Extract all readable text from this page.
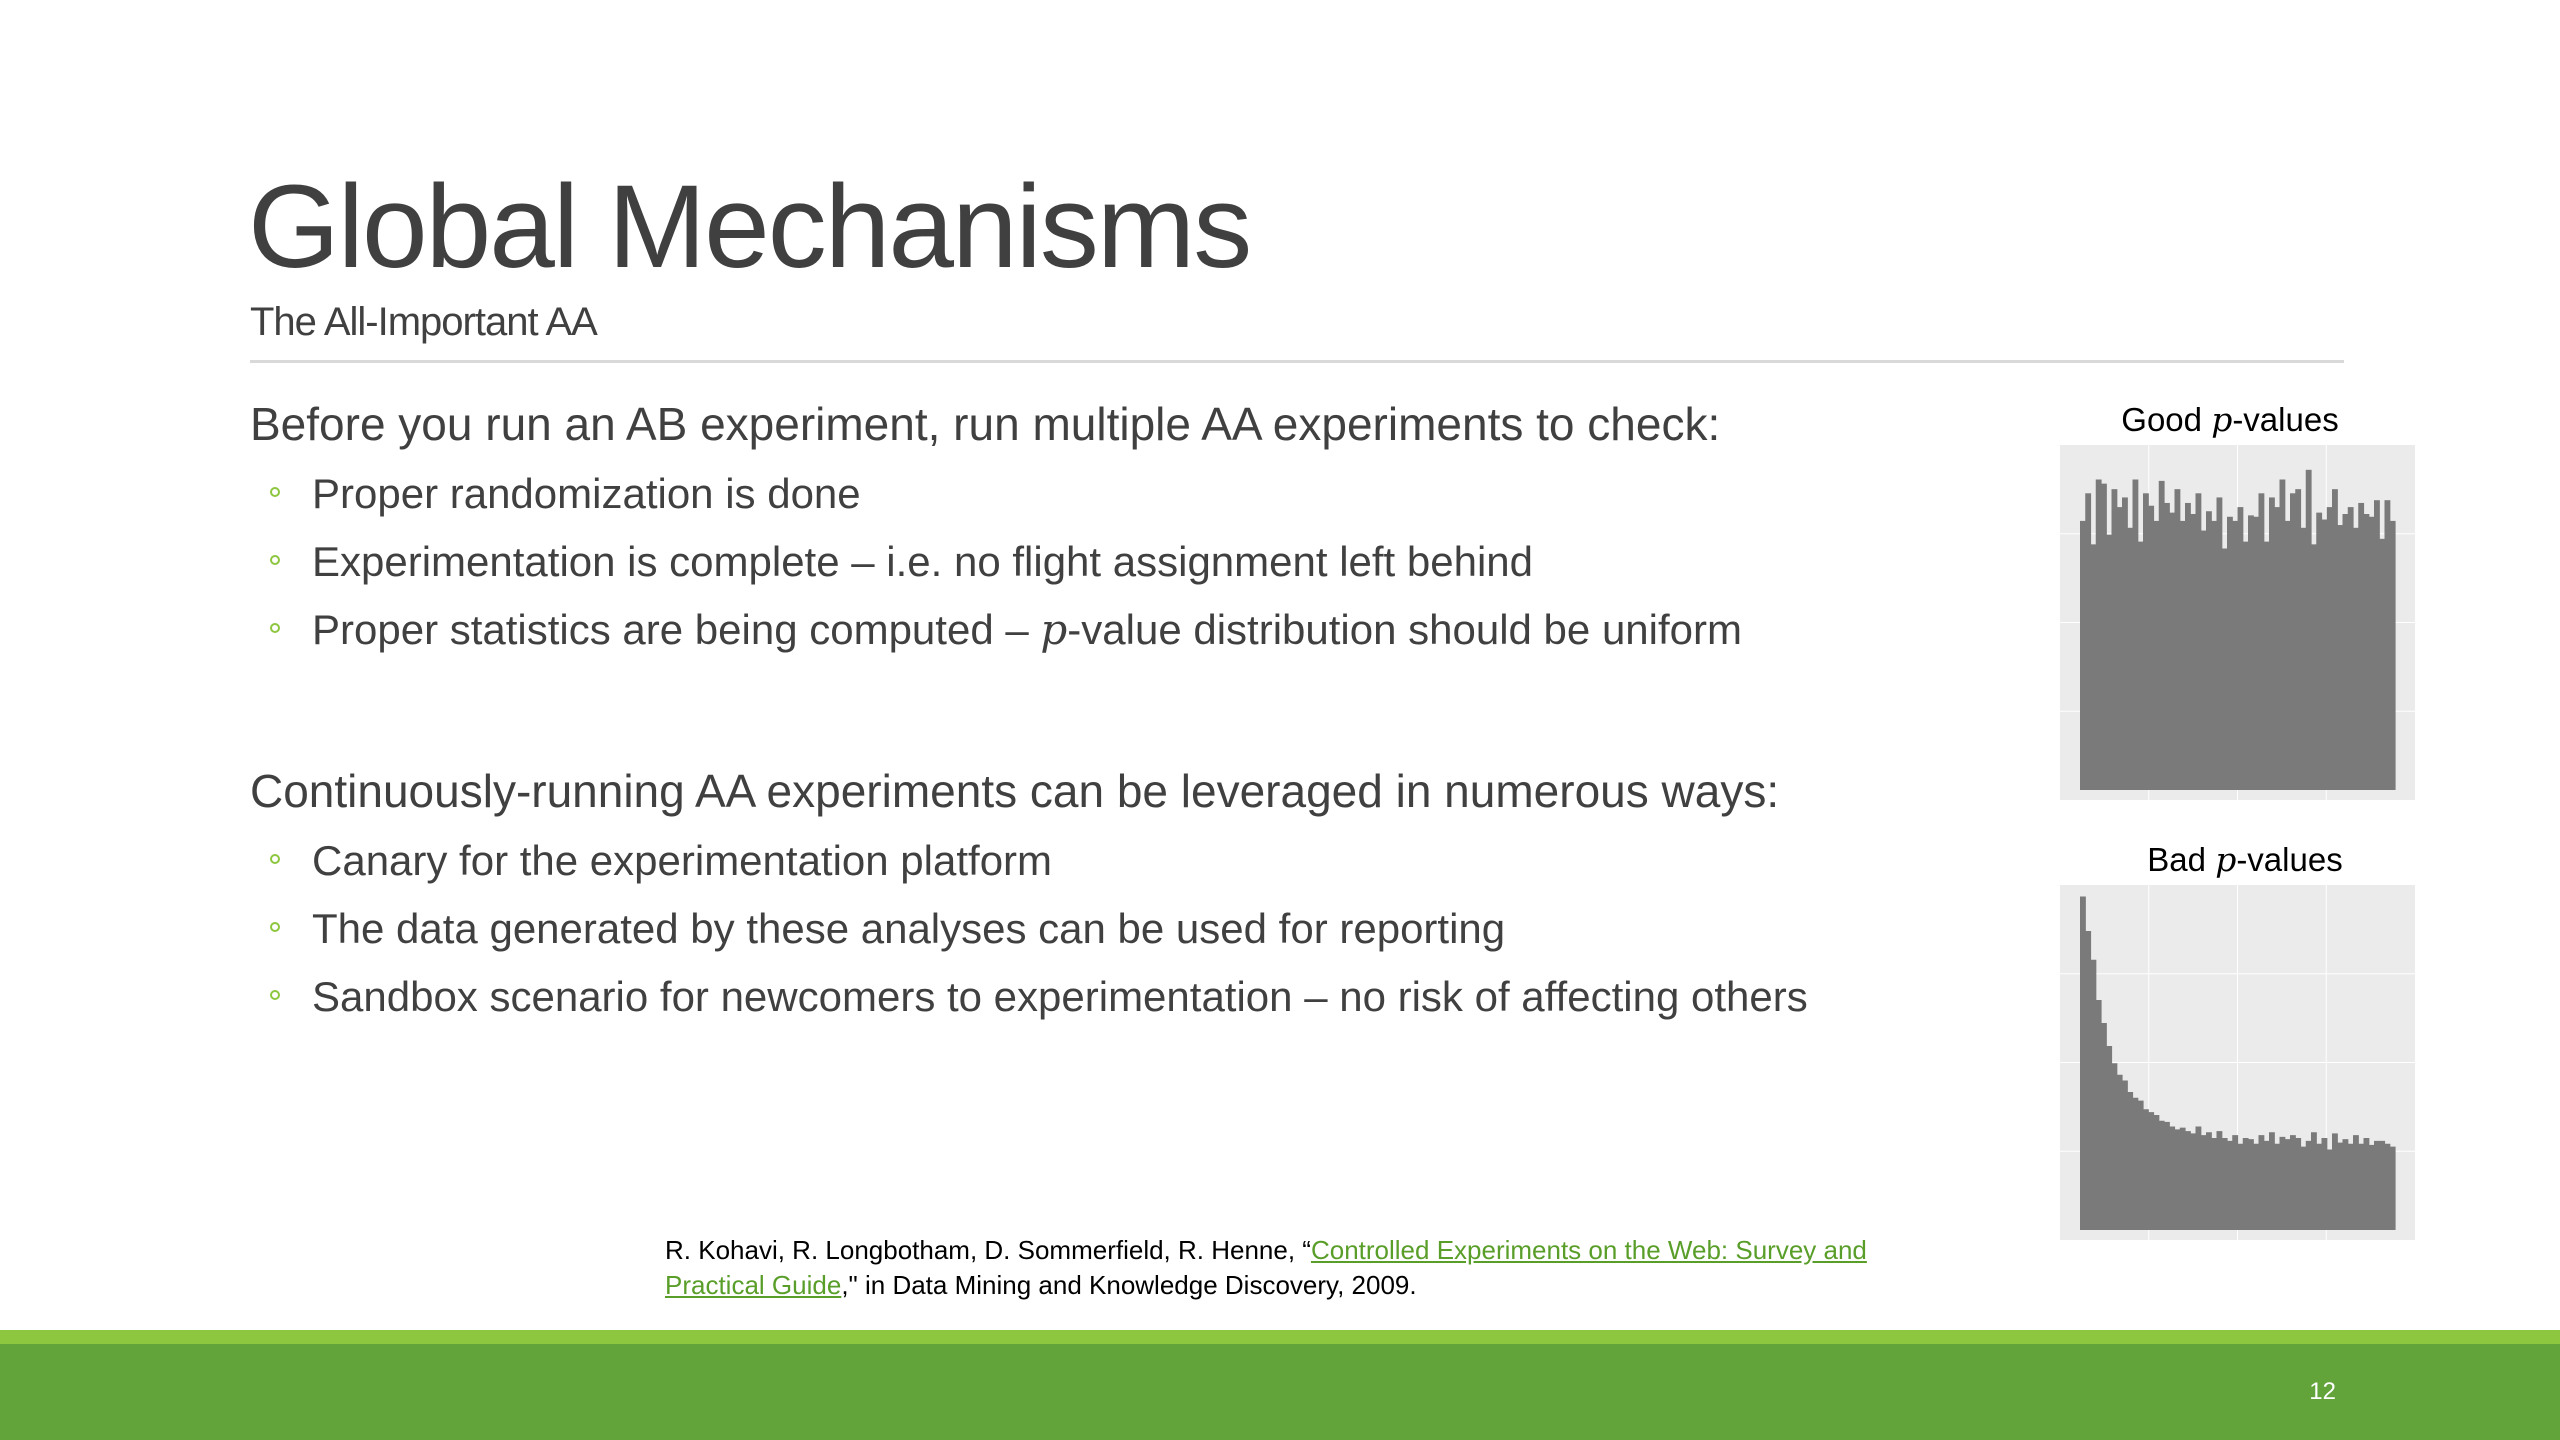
Global Mechanisms
The All-Important AA
Before you run an AB experiment, run multiple AA experiments to check:
Proper randomization is done
Experimentation is complete – i.e. no flight assignment left behind
Proper statistics are being computed – p-value distribution should be uniform
Continuously-running AA experiments can be leveraged in numerous ways:
Canary for the experimentation platform
The data generated by these analyses can be used for reporting
Sandbox scenario for newcomers to experimentation – no risk of affecting others
Good p-values
Bad p-values
R. Kohavi, R. Longbotham, D. Sommerfield, R. Henne, “Controlled Experiments on the Web: Survey and Practical Guide," in Data Mining and Knowledge Discovery, 2009.
12
